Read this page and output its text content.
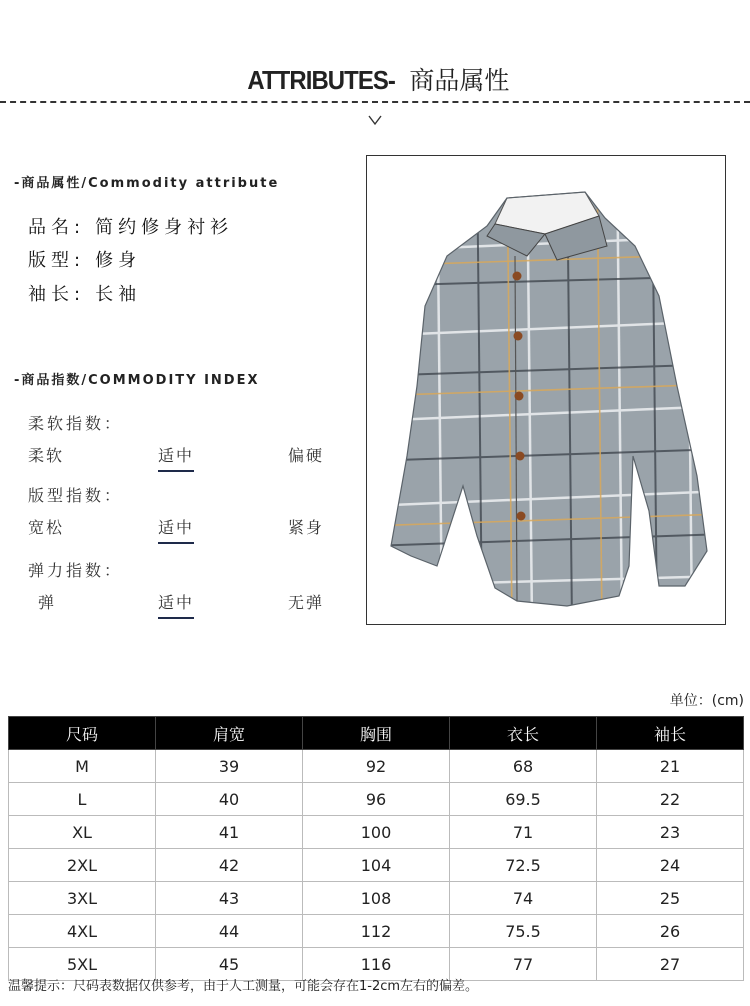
ATTRIBUTES- 商品属性
-商品属性/Commodity attribute
品名: 简约修身衬衫
版型: 修身
袖长: 长袖
-商品指数/COMMODITY INDEX
柔软指数：
柔软	适中	偏硬
版型指数：
宽松	适中	紧身
弹力指数：
弹	适中	无弹
单位：(cm)
尺码	肩宽	胸围	衣长	袖长
M	39	92	68	21
L	40	96	69.5	22
XL	41	100	71	23
2XL	42	104	72.5	24
3XL	43	108	74	25
4XL	44	112	75.5	26
5XL	45	116	77	27
温馨提示：尺码表数据仅供参考，由于人工测量，可能会存在1-2cm左右的偏差。
